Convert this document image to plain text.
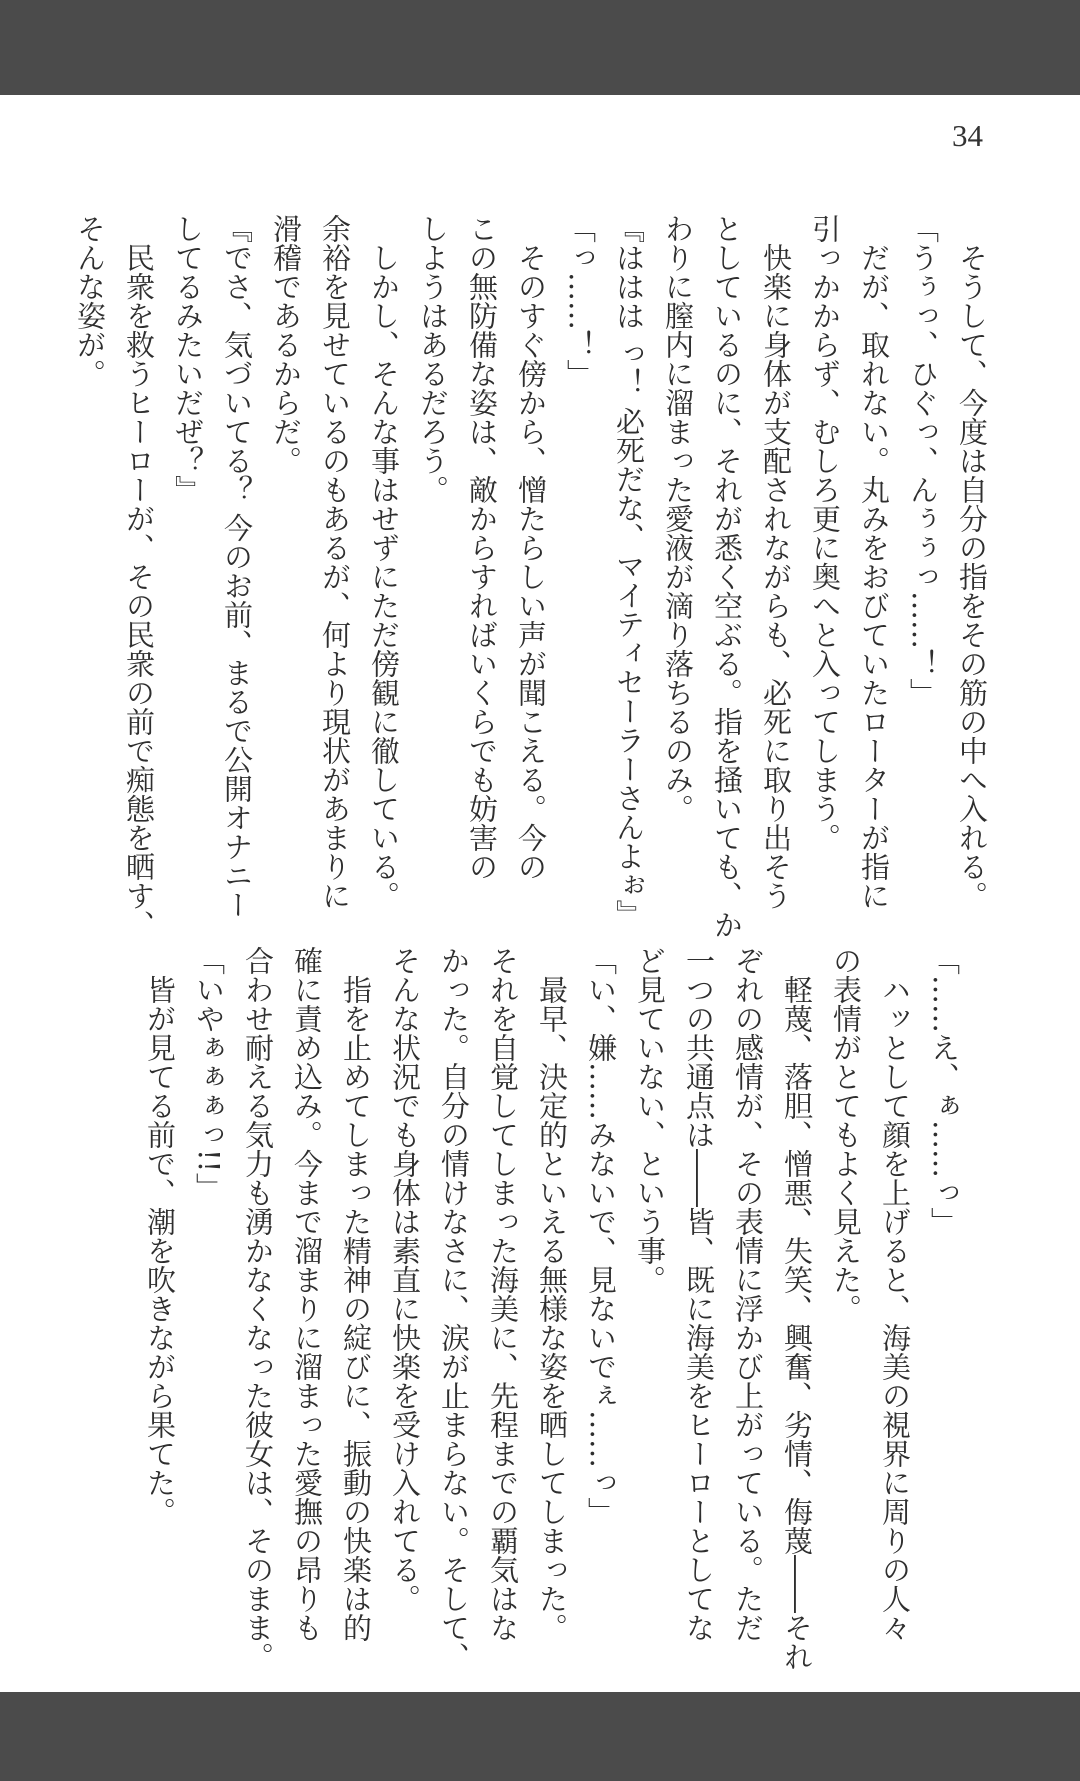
34
　そうして、今度は自分の指をその筋の中へ入れる。
「うぅっ、ひぐっ、んぅぅっ……！」
　だが、取れない。丸みをおびていたローターが指に
引っかからず、むしろ更に奥へと入ってしまう。
　快楽に身体が支配されながらも、必死に取り出そう
としているのに、それが悉く空ぶる。指を掻いても、か
わりに膣内に溜まった愛液が滴り落ちるのみ。
『ははは っ！ 必死だな、マイティセーラーさんよぉ』
「っ……！」
　そのすぐ傍から、憎たらしい声が聞こえる。今の
この無防備な姿は、敵からすればいくらでも妨害の
しようはあるだろう。
　しかし、そんな事はせずにただ傍観に徹している。
余裕を見せているのもあるが、何より現状があまりに
滑稽であるからだ。
『でさ、気づいてる？ 今のお前、まるで公開オナニー
してるみたいだぜ？』
　民衆を救うヒーローが、その民衆の前で痴態を晒す、
そんな姿が。
「……え、ぁ……っ」
　ハッとして顔を上げると、海美の視界に周りの人々
の表情がとてもよく見えた。
　軽蔑、落胆、憎悪、失笑、興奮、劣情、侮蔑――それ
ぞれの感情が、その表情に浮かび上がっている。ただ
一つの共通点は――皆、既に海美をヒーローとしてな
ど見ていない、という事。
「い、嫌……みないで、見ないでぇ……っ」
　最早、決定的といえる無様な姿を晒してしまった。
それを自覚してしまった海美に、先程までの覇気はな
かった。自分の情けなさに、涙が止まらない。そして、
そんな状況でも身体は素直に快楽を受け入れてる。
　指を止めてしまった精神の綻びに、振動の快楽は的
確に責め込み。今まで溜まりに溜まった愛撫の昂りも
合わせ耐える気力も湧かなくなった彼女は、そのまま。
「いやぁぁぁっ!!」
　皆が見てる前で、潮を吹きながら果てた。
